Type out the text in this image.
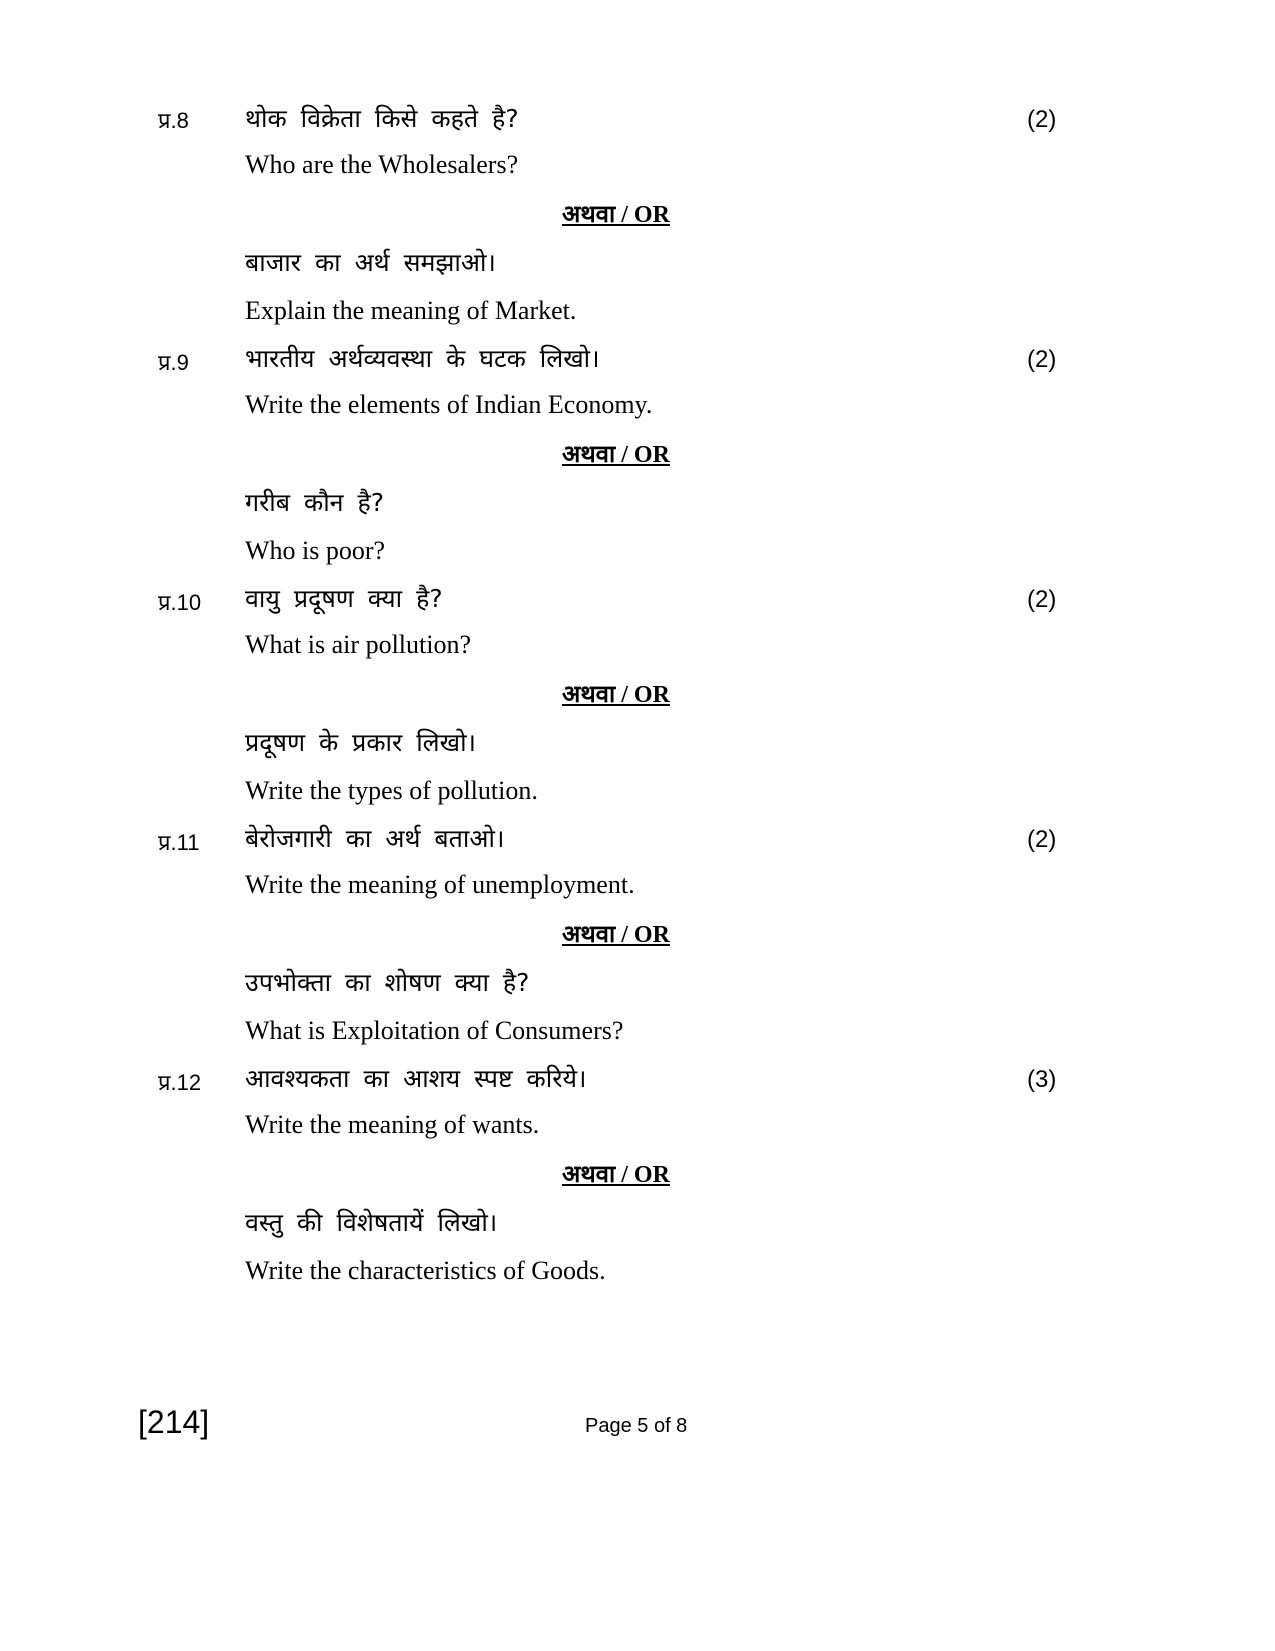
प्र.8 थोक विक्रेता किसे कहते है?	(2)
Who are the Wholesalers?
अथवा / OR
बाजार का अर्थ समझाओ।
Explain the meaning of Market.
प्र.9 भारतीय अर्थव्यवस्था के घटक लिखो।	(2)
Write the elements of Indian Economy.
अथवा / OR
गरीब कौन है?
Who is poor?
प्र.10 वायु प्रदूषण क्या है?	(2)
What is air pollution?
अथवा / OR
प्रदूषण के प्रकार लिखो।
Write the types of pollution.
प्र.11 बेरोजगारी का अर्थ बताओ।	(2)
Write the meaning of unemployment.
अथवा / OR
उपभोक्ता का शोषण क्या है?
What is Exploitation of Consumers?
प्र.12 आवश्यकता का आशय स्पष्ट करिये।	(3)
Write the meaning of wants.
अथवा / OR
वस्तु की विशेषतायें लिखो।
Write the characteristics of Goods.
[214]	Page 5 of 8
